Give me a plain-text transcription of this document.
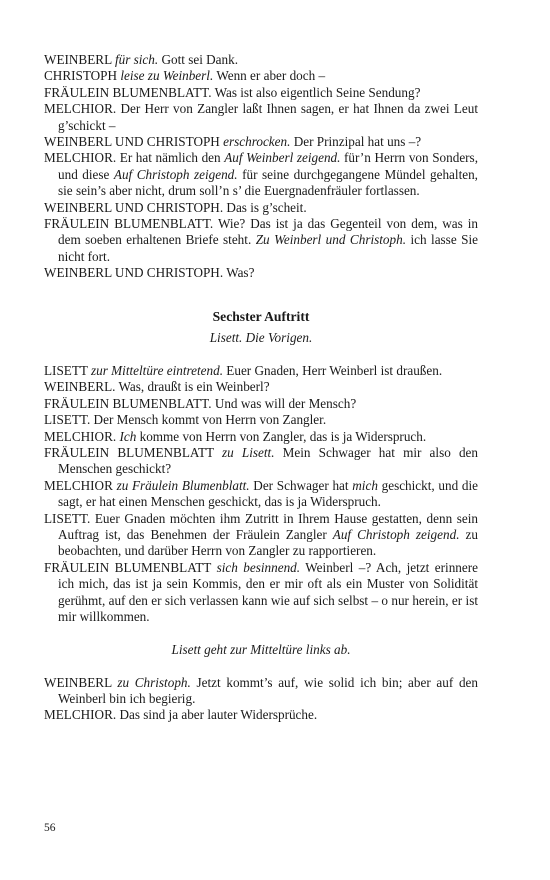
WEINBERL für sich. Gott sei Dank.

CHRISTOPH leise zu Weinberl. Wenn er aber doch –

FRÄULEIN BLUMENBLATT. Was ist also eigentlich Seine Sendung?

MELCHIOR. Der Herr von Zangler laßt Ihnen sagen, er hat Ihnen da zwei Leut g’schickt –

WEINBERL UND CHRISTOPH erschrocken. Der Prinzipal hat uns –?

MELCHIOR. Er hat nämlich den Auf Weinberl zeigend. für’n Herrn von Sonders, und diese Auf Christoph zeigend. für seine durchgegangene Mündel gehalten, sie sein’s aber nicht, drum soll’n s’ die Euergnadenfräuler fortlassen.

WEINBERL UND CHRISTOPH. Das is g’scheit.

FRÄULEIN BLUMENBLATT. Wie? Das ist ja das Gegenteil von dem, was in dem soeben erhaltenen Briefe steht. Zu Weinberl und Christoph. ich lasse Sie nicht fort.

WEINBERL UND CHRISTOPH. Was?

Sechster Auftritt

Lisett. Die Vorigen.

LISETT zur Mitteltüre eintretend. Euer Gnaden, Herr Weinberl ist draußen.

WEINBERL. Was, draußt is ein Weinberl?

FRÄULEIN BLUMENBLATT. Und was will der Mensch?

LISETT. Der Mensch kommt von Herrn von Zangler.

MELCHIOR. Ich komme von Herrn von Zangler, das is ja Widerspruch.

FRÄULEIN BLUMENBLATT zu Lisett. Mein Schwager hat mir also den Menschen geschickt?

MELCHIOR zu Fräulein Blumenblatt. Der Schwager hat mich geschickt, und die sagt, er hat einen Menschen geschickt, das is ja Widerspruch.

LISETT. Euer Gnaden möchten ihm Zutritt in Ihrem Hause gestatten, denn sein Auftrag ist, das Benehmen der Fräulein Zangler Auf Christoph zeigend. zu beobachten, und darüber Herrn von Zangler zu rapportieren.

FRÄULEIN BLUMENBLATT sich besinnend. Weinberl –? Ach, jetzt erinnere ich mich, das ist ja sein Kommis, den er mir oft als ein Muster von Solidität gerühmt, auf den er sich verlassen kann wie auf sich selbst – o nur herein, er ist mir willkommen.

Lisett geht zur Mitteltüre links ab.

WEINBERL zu Christoph. Jetzt kommt’s auf, wie solid ich bin; aber auf den Weinberl bin ich begierig.

MELCHIOR. Das sind ja aber lauter Widersprüche.

56
